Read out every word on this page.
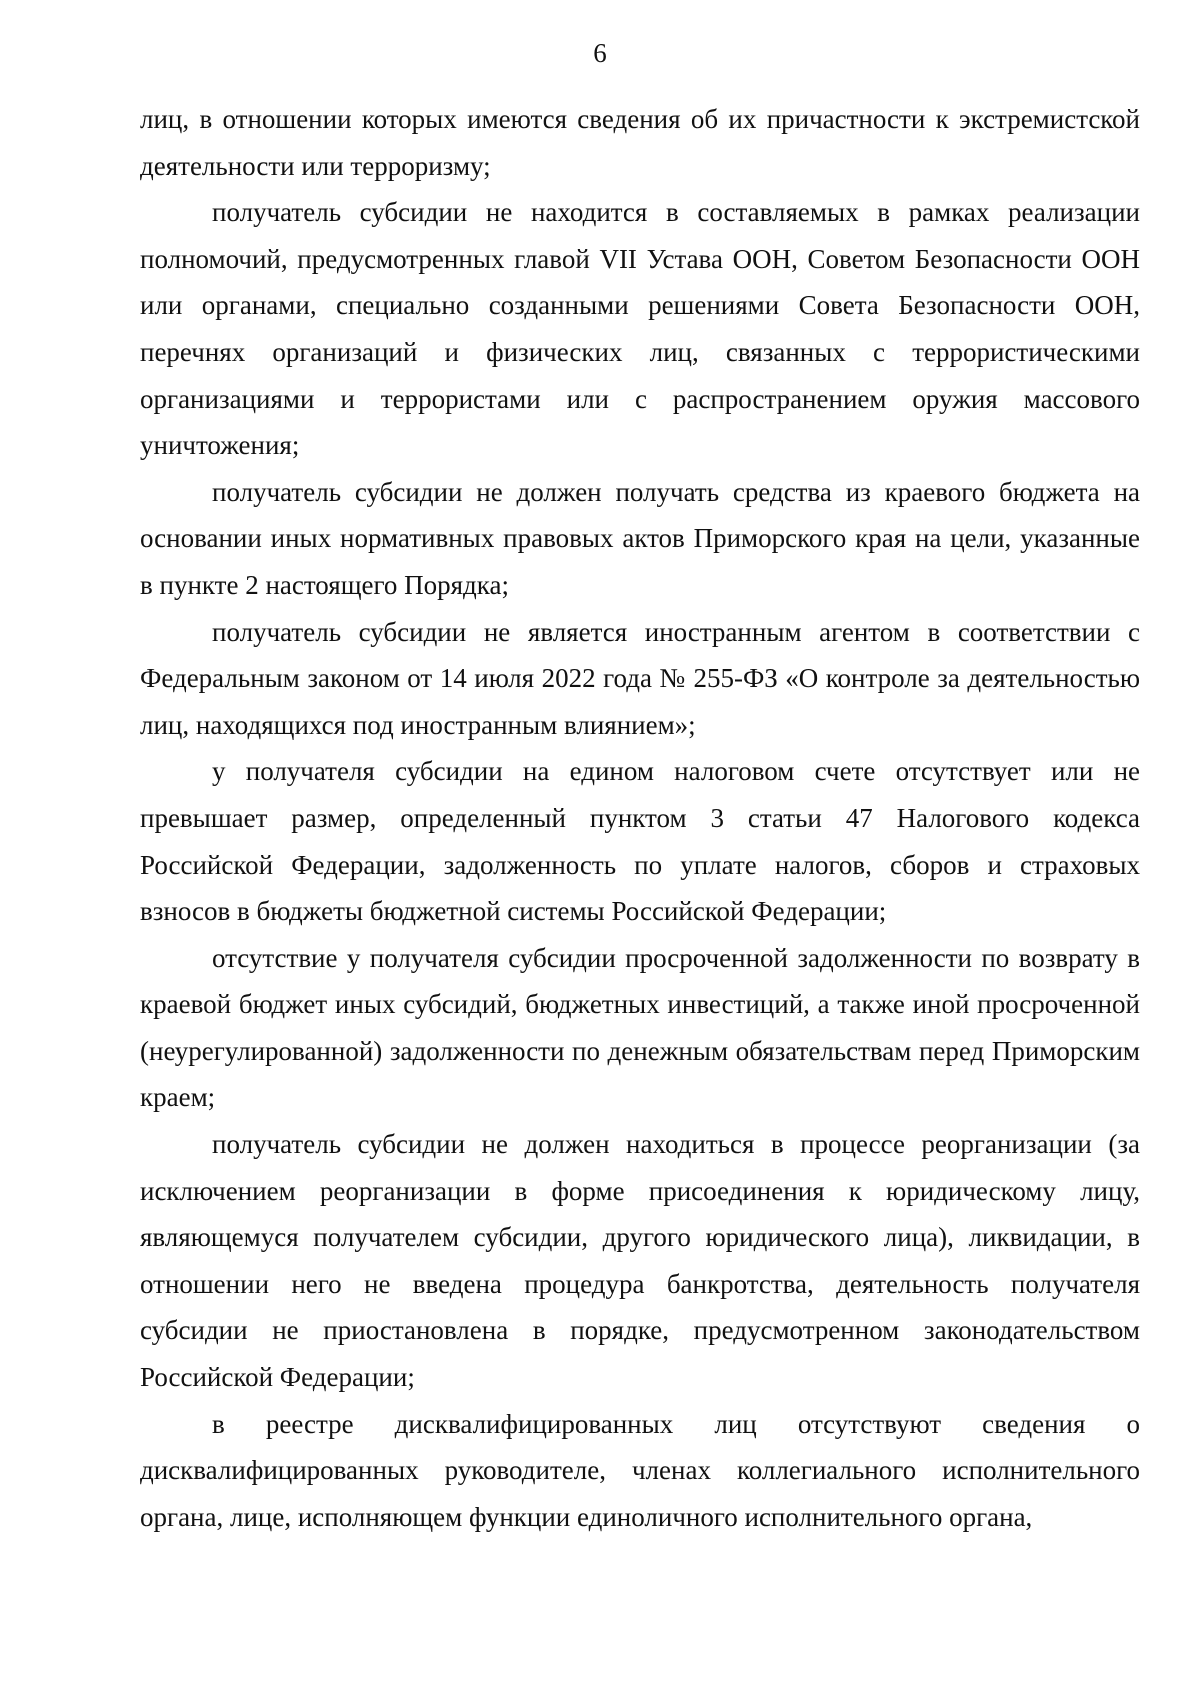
6

лиц, в отношении которых имеются сведения об их причастности к экстремистской деятельности или терроризму;

получатель субсидии не находится в составляемых в рамках реализации полномочий, предусмотренных главой VII Устава ООН, Советом Безопасности ООН или органами, специально созданными решениями Совета Безопасности ООН, перечнях организаций и физических лиц, связанных с террористическими организациями и террористами или с распространением оружия массового уничтожения;

получатель субсидии не должен получать средства из краевого бюджета на основании иных нормативных правовых актов Приморского края на цели, указанные в пункте 2 настоящего Порядка;

получатель субсидии не является иностранным агентом в соответствии с Федеральным законом от 14 июля 2022 года № 255-ФЗ «О контроле за деятельностью лиц, находящихся под иностранным влиянием»;

у получателя субсидии на едином налоговом счете отсутствует или не превышает размер, определенный пунктом 3 статьи 47 Налогового кодекса Российской Федерации, задолженность по уплате налогов, сборов и страховых взносов в бюджеты бюджетной системы Российской Федерации;

отсутствие у получателя субсидии просроченной задолженности по возврату в краевой бюджет иных субсидий, бюджетных инвестиций, а также иной просроченной (неурегулированной) задолженности по денежным обязательствам перед Приморским краем;

получатель субсидии не должен находиться в процессе реорганизации (за исключением реорганизации в форме присоединения к юридическому лицу, являющемуся получателем субсидии, другого юридического лица), ликвидации, в отношении него не введена процедура банкротства, деятельность получателя субсидии не приостановлена в порядке, предусмотренном законодательством Российской Федерации;

в реестре дисквалифицированных лиц отсутствуют сведения о дисквалифицированных руководителе, членах коллегиального исполнительного органа, лице, исполняющем функции единоличного исполнительного органа,
